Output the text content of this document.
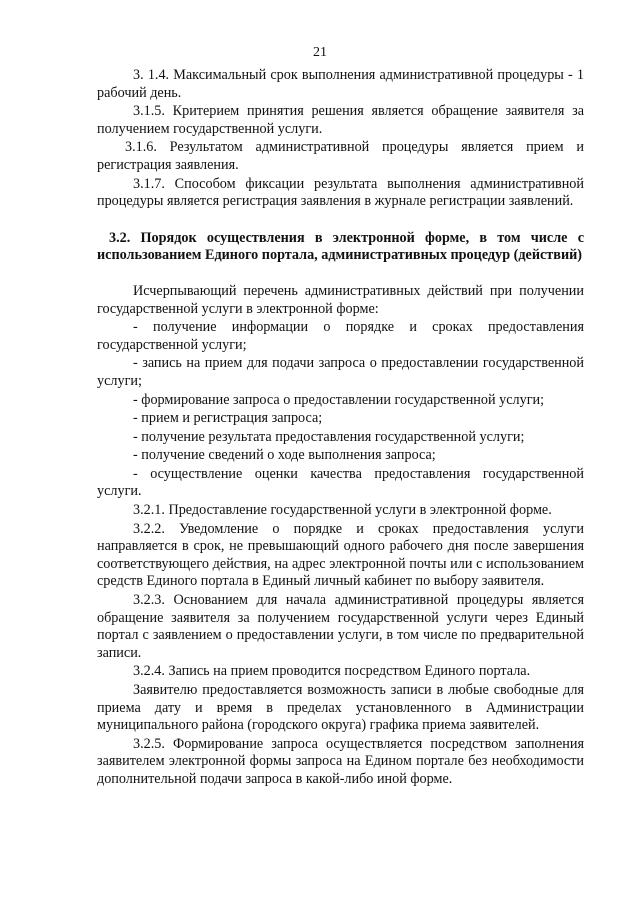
21

3. 1.4. Максимальный срок выполнения административной процедуры - 1 рабочий день.

3.1.5. Критерием принятия решения является обращение заявителя за получением государственной услуги.

3.1.6. Результатом административной процедуры является прием и регистрация заявления.

3.1.7. Способом фиксации результата выполнения административной процедуры является регистрация заявления в журнале регистрации заявлений.

3.2. Порядок осуществления в электронной форме, в том числе с использованием Единого портала, административных процедур (действий)

Исчерпывающий перечень административных действий при получении государственной услуги в электронной форме:

- получение информации о порядке и сроках предоставления государственной услуги;

- запись на прием для подачи запроса о предоставлении государственной услуги;

- формирование запроса о предоставлении государственной услуги;

- прием и регистрация запроса;

- получение результата предоставления государственной услуги;

- получение сведений о ходе выполнения запроса;

- осуществление оценки качества предоставления государственной услуги.

3.2.1. Предоставление государственной услуги в электронной форме.

3.2.2. Уведомление о порядке и сроках предоставления услуги направляется в срок, не превышающий одного рабочего дня после завершения соответствующего действия, на адрес электронной почты или с использованием средств Единого портала в Единый личный кабинет по выбору заявителя.

3.2.3. Основанием для начала административной процедуры является обращение заявителя за получением государственной услуги через Единый портал с заявлением о предоставлении услуги, в том числе по предварительной записи.

3.2.4. Запись на прием проводится посредством Единого портала.

Заявителю предоставляется возможность записи в любые свободные для приема дату и время в пределах установленного в Администрации муниципального района (городского округа) графика приема заявителей.

3.2.5. Формирование запроса осуществляется посредством заполнения заявителем электронной формы запроса на Едином портале без необходимости дополнительной подачи запроса в какой-либо иной форме.
